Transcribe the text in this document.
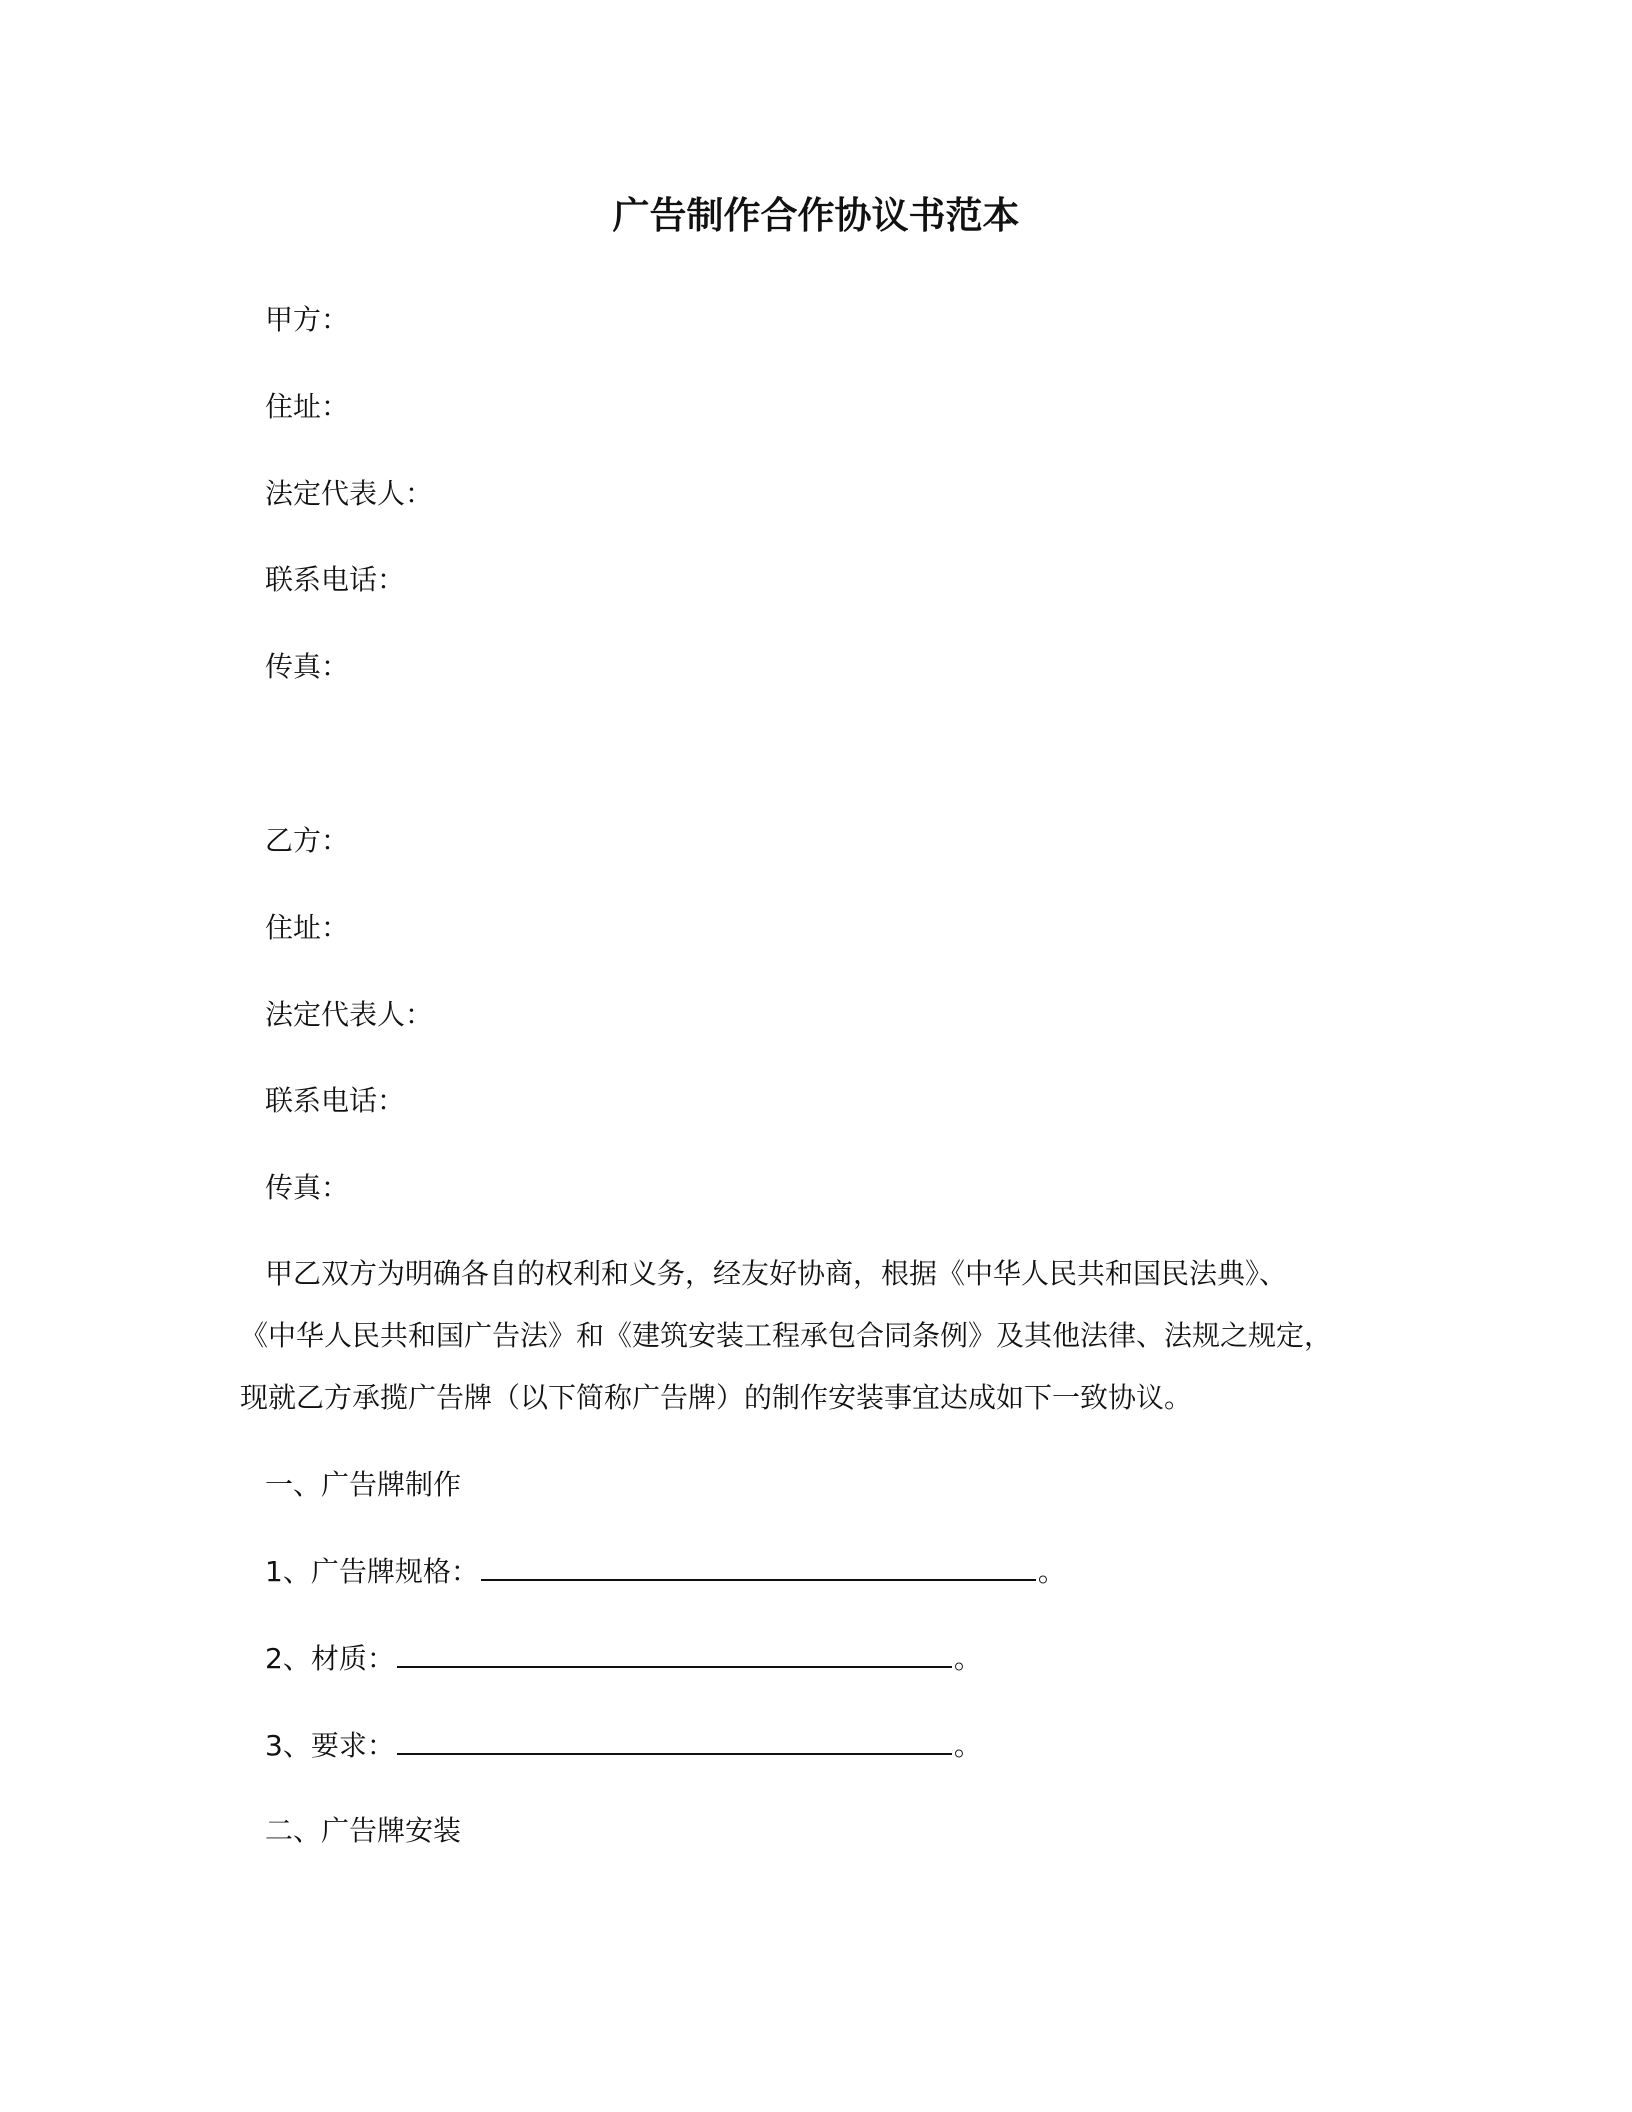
广告制作合作协议书范本
甲方：
住址：
法定代表人：
联系电话：
传真：
乙方：
住址：
法定代表人：
联系电话：
传真：
甲乙双方为明确各自的权利和义务，经友好协商，根据《中华人民共和国民法典》、
《中华人民共和国广告法》和《建筑安装工程承包合同条例》及其他法律、法规之规定，
现就乙方承揽广告牌（以下简称广告牌）的制作安装事宜达成如下一致协议。
一、广告牌制作
1、广告牌规格：	。
2、材质：	。
3、要求：	。
二、广告牌安装
